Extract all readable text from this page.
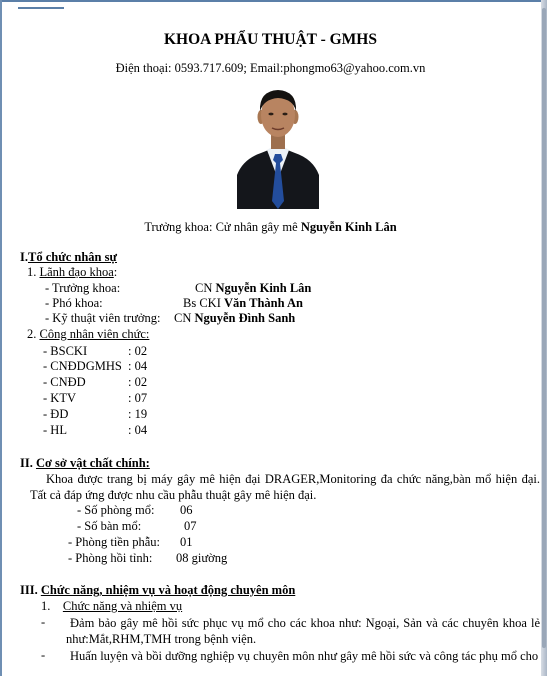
KHOA PHẨU THUẬT - GMHS
Điện thoại: 0593.717.609; Email:phongmo63@yahoo.com.vn
Trưởng khoa: Cử nhân gây mê Nguyễn Kinh Lân
I.Tổ chức nhân sự
1. Lãnh đạo khoa:
- Trưởng khoa:	CN Nguyễn Kinh Lân
- Phó khoa:	Bs CKI Văn Thành An
- Kỹ thuật viên trưởng: CN Nguyễn Đình Sanh
2. Công nhân viên chức:
- BSCKI	: 02
- CNĐDGMHS : 04
- CNĐD	: 02
- KTV	: 07
- ĐD	: 19
- HL	: 04
II. Cơ sở vật chất chính:
Khoa được trang bị máy gây mê hiện đại DRAGER,Monitoring đa chức năng,bàn mổ hiện đại. Tất cả đáp ứng được nhu cầu phẫu thuật gây mê hiện đại.
- Số phòng mổ: 06
- Số bàn mổ:	07
- Phòng tiền phẫu: 01
- Phòng hồi tỉnh: 08 giường
III. Chức năng, nhiệm vụ và hoạt động chuyên môn
1. Chức năng và nhiệm vụ
-	Đảm bảo gây mê hồi sức phục vụ mổ cho các khoa như: Ngoại, Sản và các chuyên khoa lẻ như:Mắt,RHM,TMH trong bệnh viện.
-	Huấn luyện và bồi dưỡng nghiệp vụ chuyên môn như gây mê hồi sức và công tác phụ mổ cho
